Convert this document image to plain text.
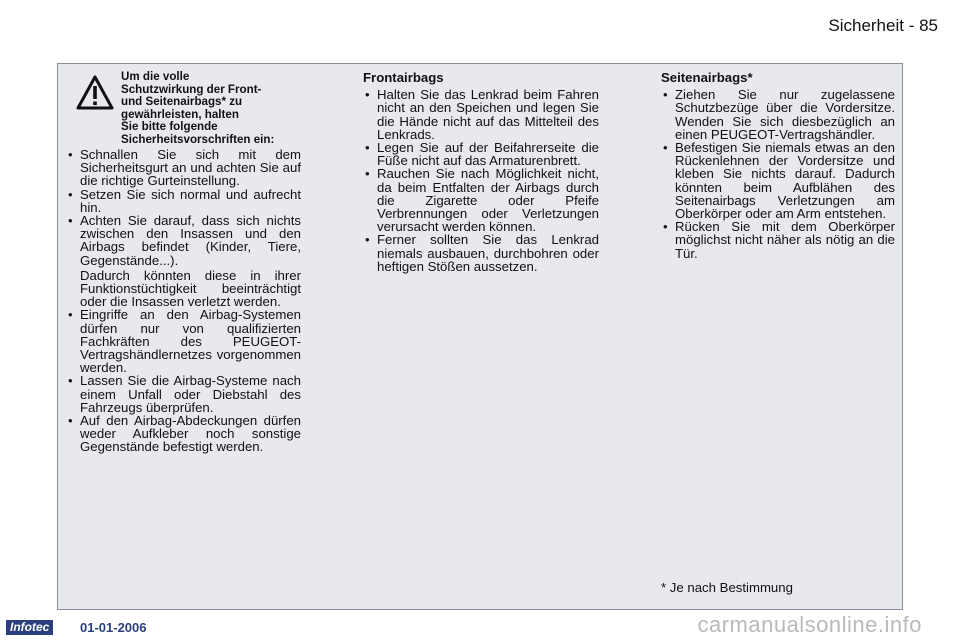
Sicherheit - 85
Um die volle
Schutzwirkung der Front-
und Seitenairbags* zu
gewährleisten, halten
Sie bitte folgende
Sicherheitsvorschriften ein:
• Schnallen Sie sich mit dem Sicherheitsgurt an und achten Sie auf die richtige Gurteinstellung.
• Setzen Sie sich normal und aufrecht hin.
• Achten Sie darauf, dass sich nichts zwischen den Insassen und den Airbags befindet (Kinder, Tiere, Gegenstände...).
Dadurch könnten diese in ihrer Funktionstüchtigkeit beeinträchtigt oder die Insassen verletzt werden.
• Eingriffe an den Airbag-Systemen dürfen nur von qualifizierten Fachkräften des PEUGEOT-Vertragshändlernetzes vorgenommen werden.
• Lassen Sie die Airbag-Systeme nach einem Unfall oder Diebstahl des Fahrzeugs überprüfen.
• Auf den Airbag-Abdeckungen dürfen weder Aufkleber noch sonstige Gegenstände befestigt werden.
Frontairbags
• Halten Sie das Lenkrad beim Fahren nicht an den Speichen und legen Sie die Hände nicht auf das Mittelteil des Lenkrads.
• Legen Sie auf der Beifahrerseite die Füße nicht auf das Armaturenbrett.
• Rauchen Sie nach Möglichkeit nicht, da beim Entfalten der Airbags durch die Zigarette oder Pfeife Verbrennungen oder Verletzungen verursacht werden können.
• Ferner sollten Sie das Lenkrad niemals ausbauen, durchbohren oder heftigen Stößen aussetzen.
Seitenairbags*
• Ziehen Sie nur zugelassene Schutzbezüge über die Vordersitze. Wenden Sie sich diesbezüglich an einen PEUGEOT-Vertragshändler.
• Befestigen Sie niemals etwas an den Rückenlehnen der Vordersitze und kleben Sie nichts darauf. Dadurch könnten beim Aufblähen des Seitenairbags Verletzungen am Oberkörper oder am Arm entstehen.
• Rücken Sie mit dem Oberkörper möglichst nicht näher als nötig an die Tür.
* Je nach Bestimmung
Infotec	01-01-2006	carmanualsonline.info
